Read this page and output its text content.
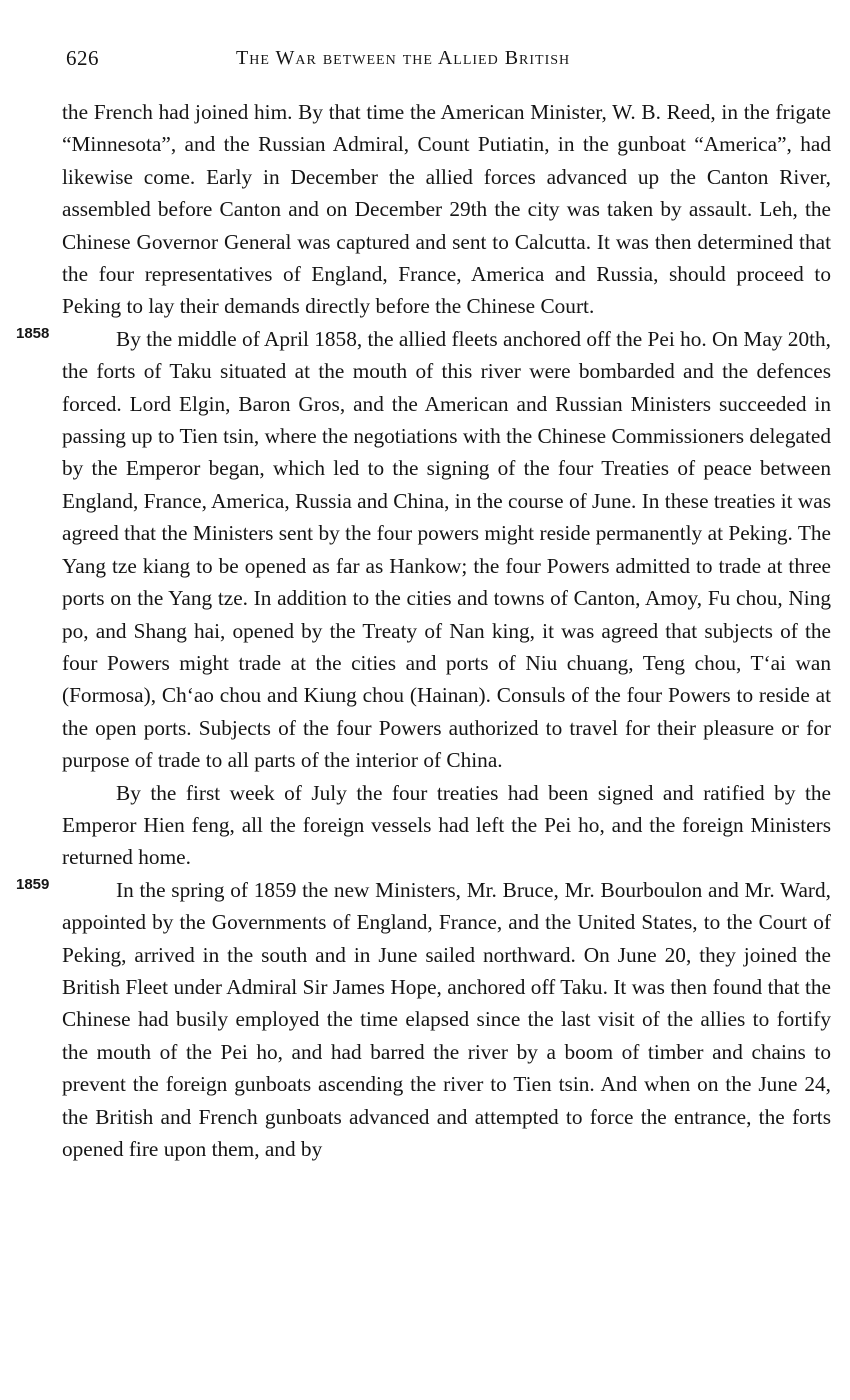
626	The War between the Allied British

the French had joined him. By that time the American Minister, W. B. Reed, in the frigate “Minnesota”, and the Russian Admiral, Count Putiatin, in the gunboat “America”, had likewise come. Early in December the allied forces advanced up the Canton River, assembled before Canton and on December 29th the city was taken by assault. Leh, the Chinese Governor General was captured and sent to Calcutta. It was then determined that the four representatives of England, France, America and Russia, should proceed to Peking to lay their demands directly before the Chinese Court.

1858	By the middle of April 1858, the allied fleets anchored off the Pei ho. On May 20th, the forts of Taku situated at the mouth of this river were bombarded and the defences forced. Lord Elgin, Baron Gros, and the American and Russian Ministers succeeded in passing up to Tien tsin, where the negotiations with the Chinese Commissioners delegated by the Emperor began, which led to the signing of the four Treaties of peace between England, France, America, Russia and China, in the course of June. In these treaties it was agreed that the Ministers sent by the four powers might reside permanently at Peking. The Yang tze kiang to be opened as far as Hankow; the four Powers admitted to trade at three ports on the Yang tze. In addition to the cities and towns of Canton, Amoy, Fu chou, Ning po, and Shang hai, opened by the Treaty of Nan king, it was agreed that subjects of the four Powers might trade at the cities and ports of Niu chuang, Teng chou, T‘ai wan (Formosa), Ch‘ao chou and Kiung chou (Hainan). Consuls of the four Powers to reside at the open ports. Subjects of the four Powers authorized to travel for their pleasure or for purpose of trade to all parts of the interior of China.

By the first week of July the four treaties had been signed and ratified by the Emperor Hien feng, all the foreign vessels had left the Pei ho, and the foreign Ministers returned home.

1859	In the spring of 1859 the new Ministers, Mr. Bruce, Mr. Bourboulon and Mr. Ward, appointed by the Governments of England, France, and the United States, to the Court of Peking, arrived in the south and in June sailed northward. On June 20, they joined the British Fleet under Admiral Sir James Hope, anchored off Taku. It was then found that the Chinese had busily employed the time elapsed since the last visit of the allies to fortify the mouth of the Pei ho, and had barred the river by a boom of timber and chains to prevent the foreign gunboats ascending the river to Tien tsin. And when on the June 24, the British and French gunboats advanced and attempted to force the entrance, the forts opened fire upon them, and by
